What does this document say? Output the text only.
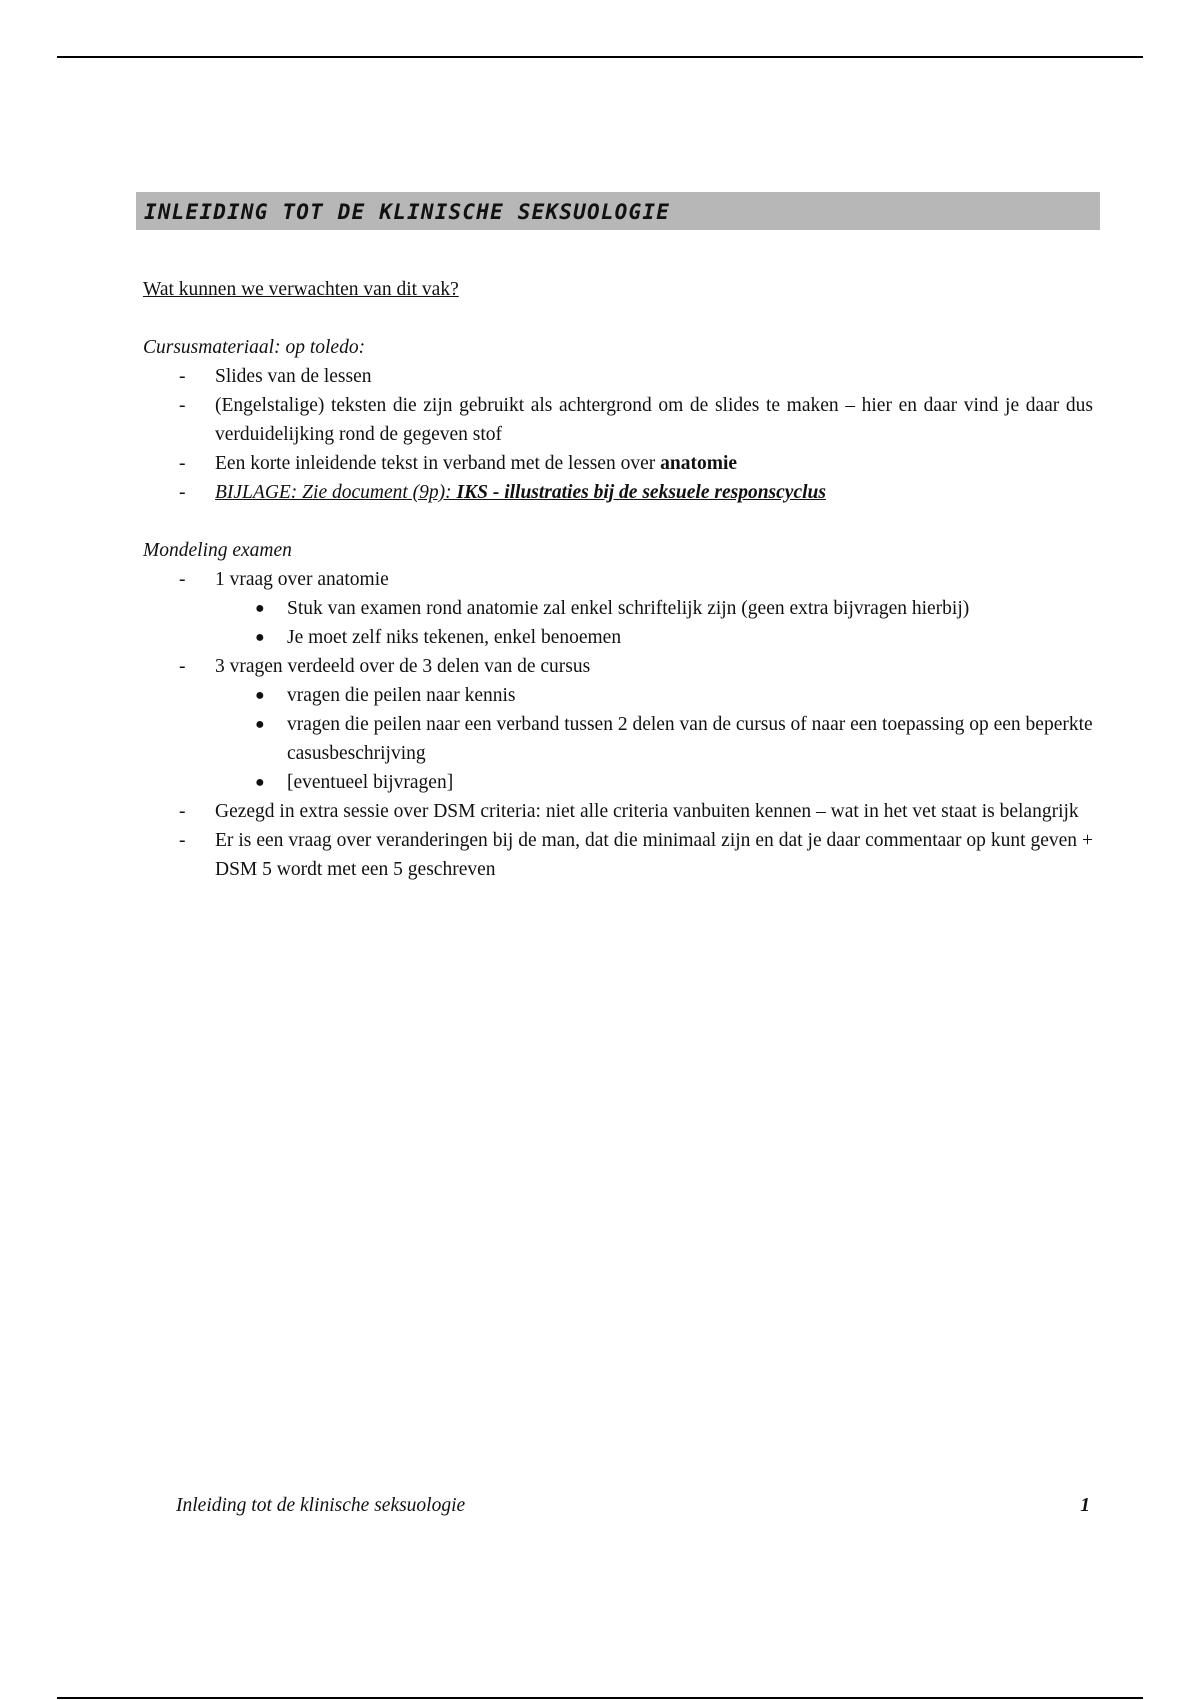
INLEIDING TOT DE KLINISCHE SEKSUOLOGIE
Wat kunnen we verwachten van dit vak?
Cursusmateriaal: op toledo:
- Slides van de lessen
- (Engelstalige) teksten die zijn gebruikt als achtergrond om de slides te maken – hier en daar vind je daar dus verduidelijking rond de gegeven stof
- Een korte inleidende tekst in verband met de lessen over anatomie
- BIJLAGE: Zie document (9p): IKS - illustraties bij de seksuele responscyclus
Mondeling examen
- 1 vraag over anatomie
● Stuk van examen rond anatomie zal enkel schriftelijk zijn (geen extra bijvragen hierbij)
● Je moet zelf niks tekenen, enkel benoemen
- 3 vragen verdeeld over de 3 delen van de cursus
● vragen die peilen naar kennis
● vragen die peilen naar een verband tussen 2 delen van de cursus of naar een toepassing op een beperkte casusbeschrijving
● [eventueel bijvragen]
- Gezegd in extra sessie over DSM criteria: niet alle criteria vanbuiten kennen – wat in het vet staat is belangrijk
- Er is een vraag over veranderingen bij de man, dat die minimaal zijn en dat je daar commentaar op kunt geven + DSM 5 wordt met een 5 geschreven
Inleiding tot de klinische seksuologie	1
